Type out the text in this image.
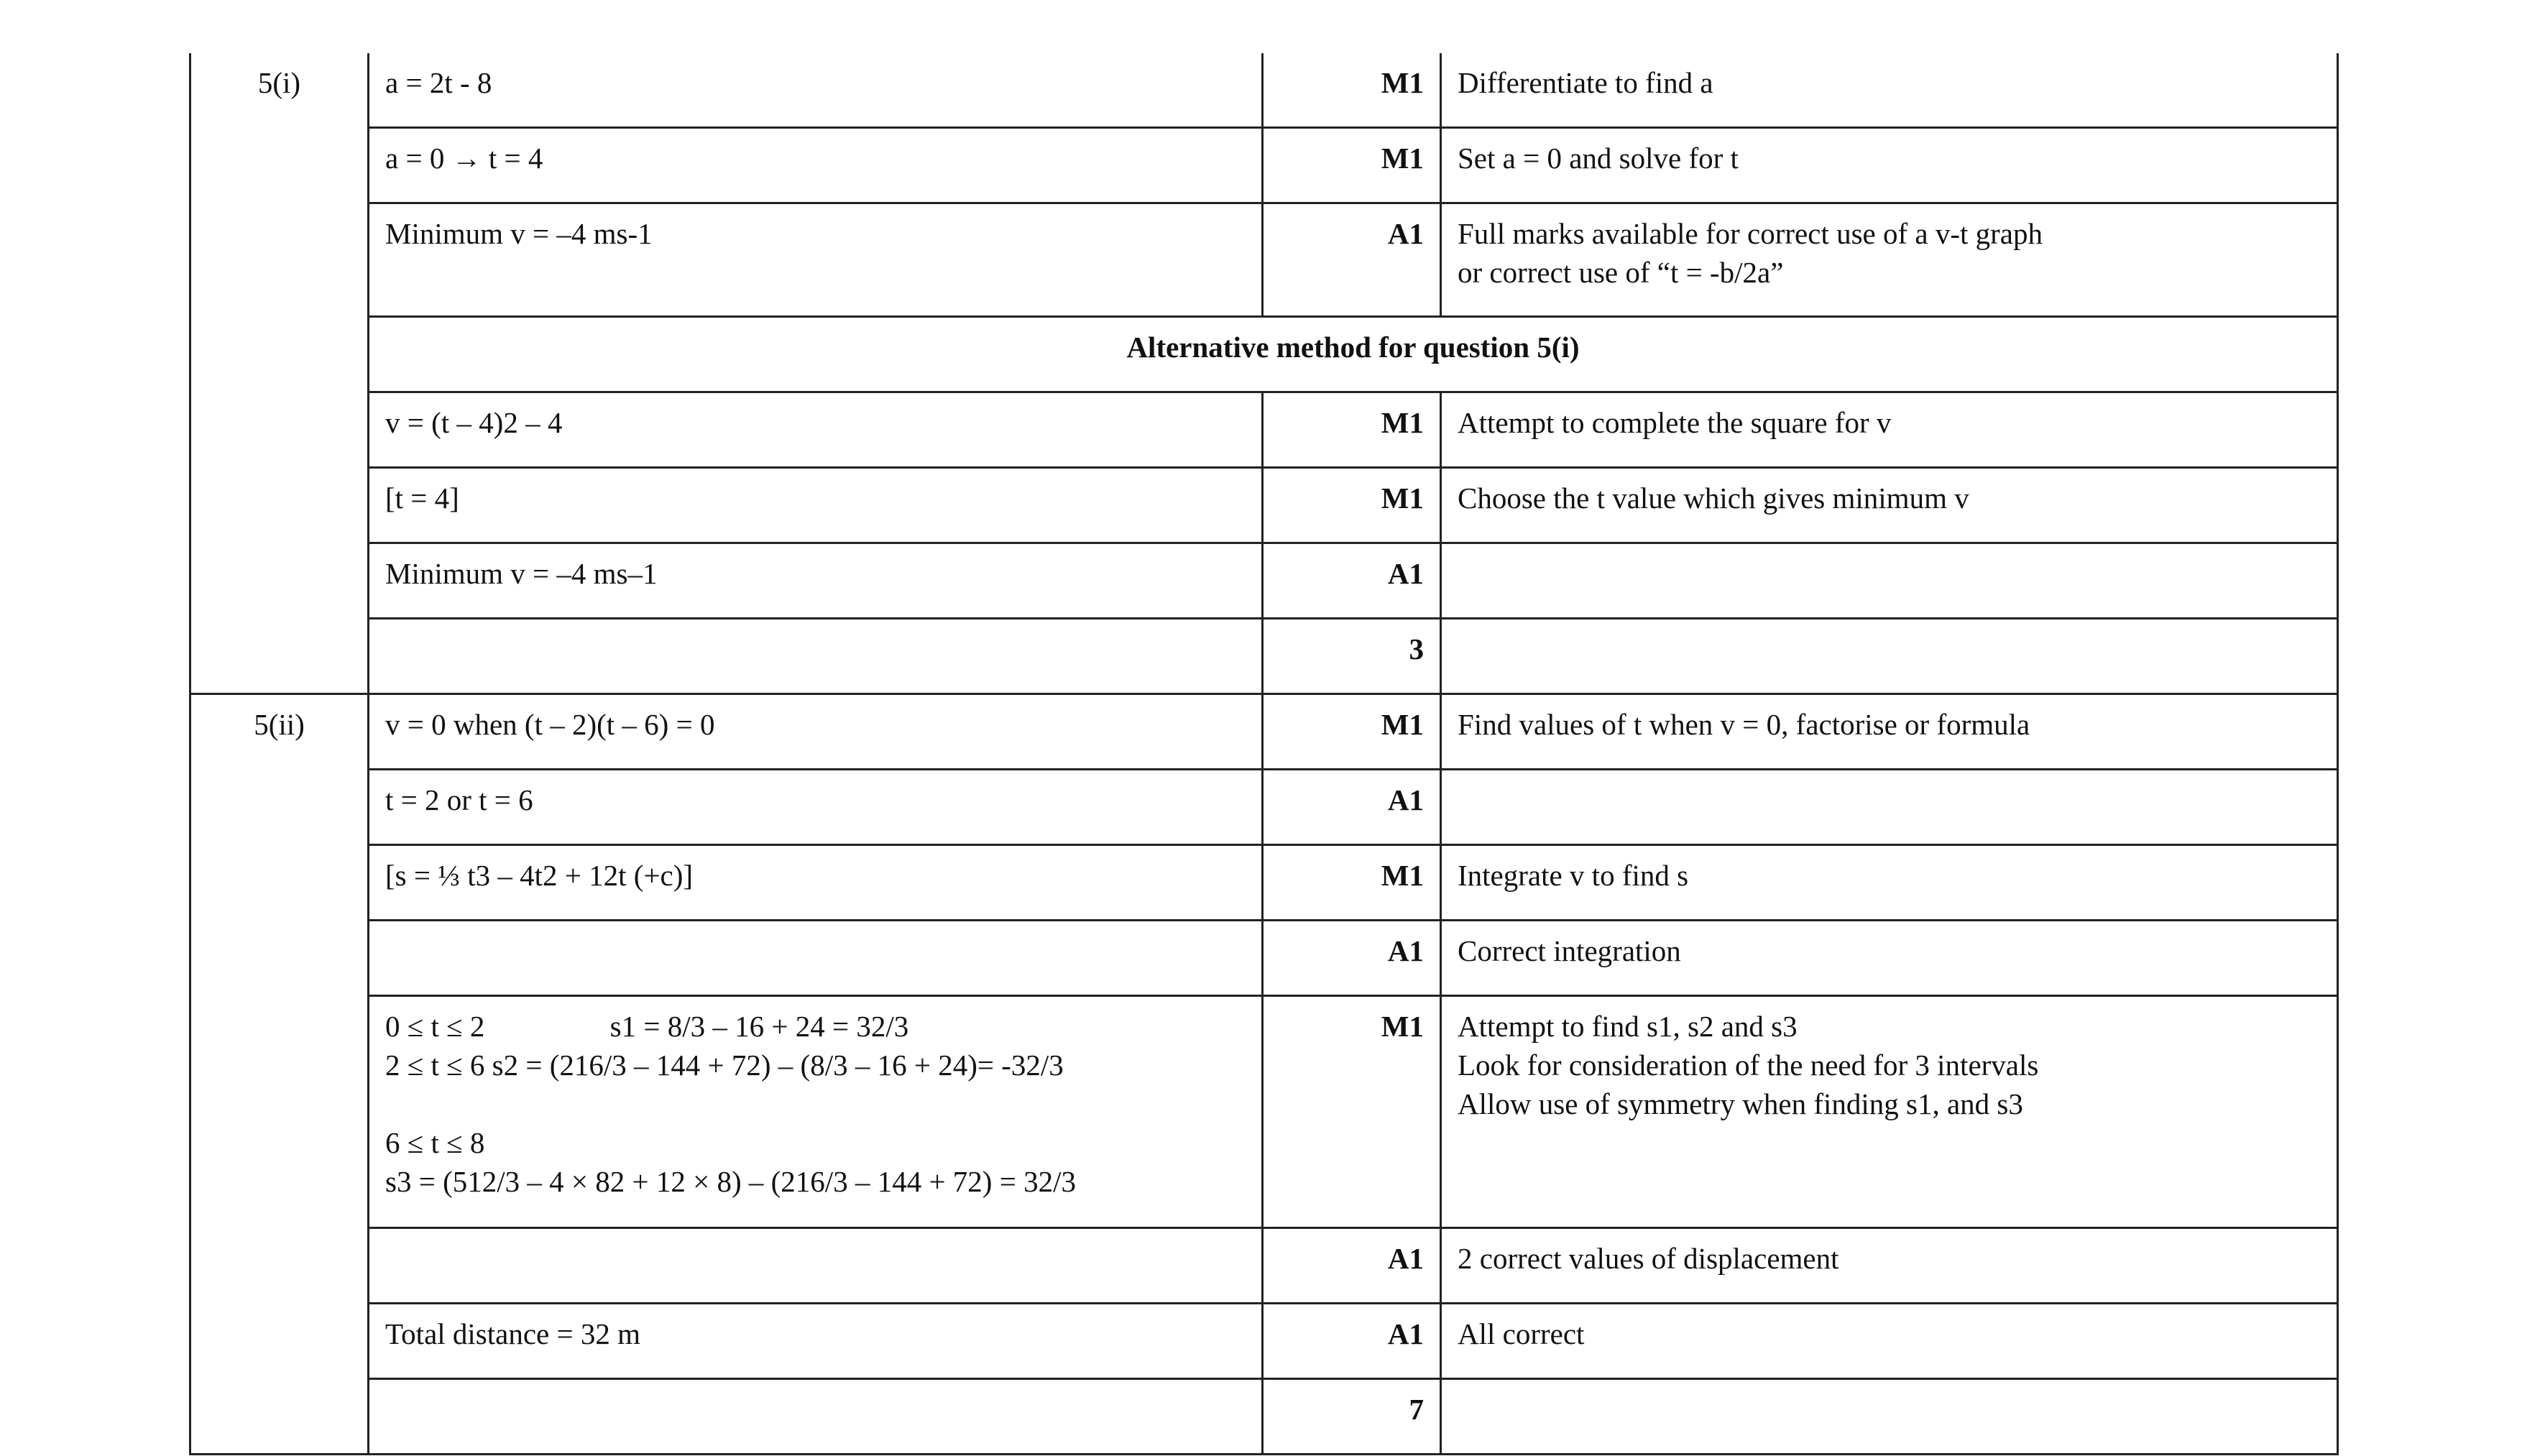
5(i)	a = 2t - 8	M1	Differentiate to find a
	a = 0 → t = 4	M1	Set a = 0 and solve for t
	Minimum v = –4 ms-1	A1	Full marks available for correct use of a v-t graph
or correct use of “t = -b/2a”

	Alternative method for question 5(i)		
	v = (t – 4)2 – 4	M1	Attempt to complete the square for v
	[t = 4]	M1	Choose the t value which gives minimum v
	Minimum v = –4 ms–1	A1	
		3	
5(ii)	v = 0 when (t – 2)(t – 6) = 0	M1	Find values of t when v = 0, factorise or formula
	t = 2 or t = 6	A1	
	[s = ⅓ t3 – 4t2 + 12t (+c)]	M1	Integrate v to find s
		A1	Correct integration

	0 ≤ t ≤ 2                 s1 = 8/3 – 16 + 24 = 32/3
2 ≤ t ≤ 6 s2 = (216/3 – 144 + 72) – (8/3 – 16 + 24)= -32/3
6 ≤ t ≤ 8
s3 = (512/3 – 4 × 82 + 12 × 8) – (216/3 – 144 + 72) = 32/3	M1	Attempt to find s1, s2 and s3
Look for consideration of the need for 3 intervals
Allow use of symmetry when finding s1, and s3

		A1	2 correct values of displacement
	Total distance = 32 m	A1	All correct
		7	
